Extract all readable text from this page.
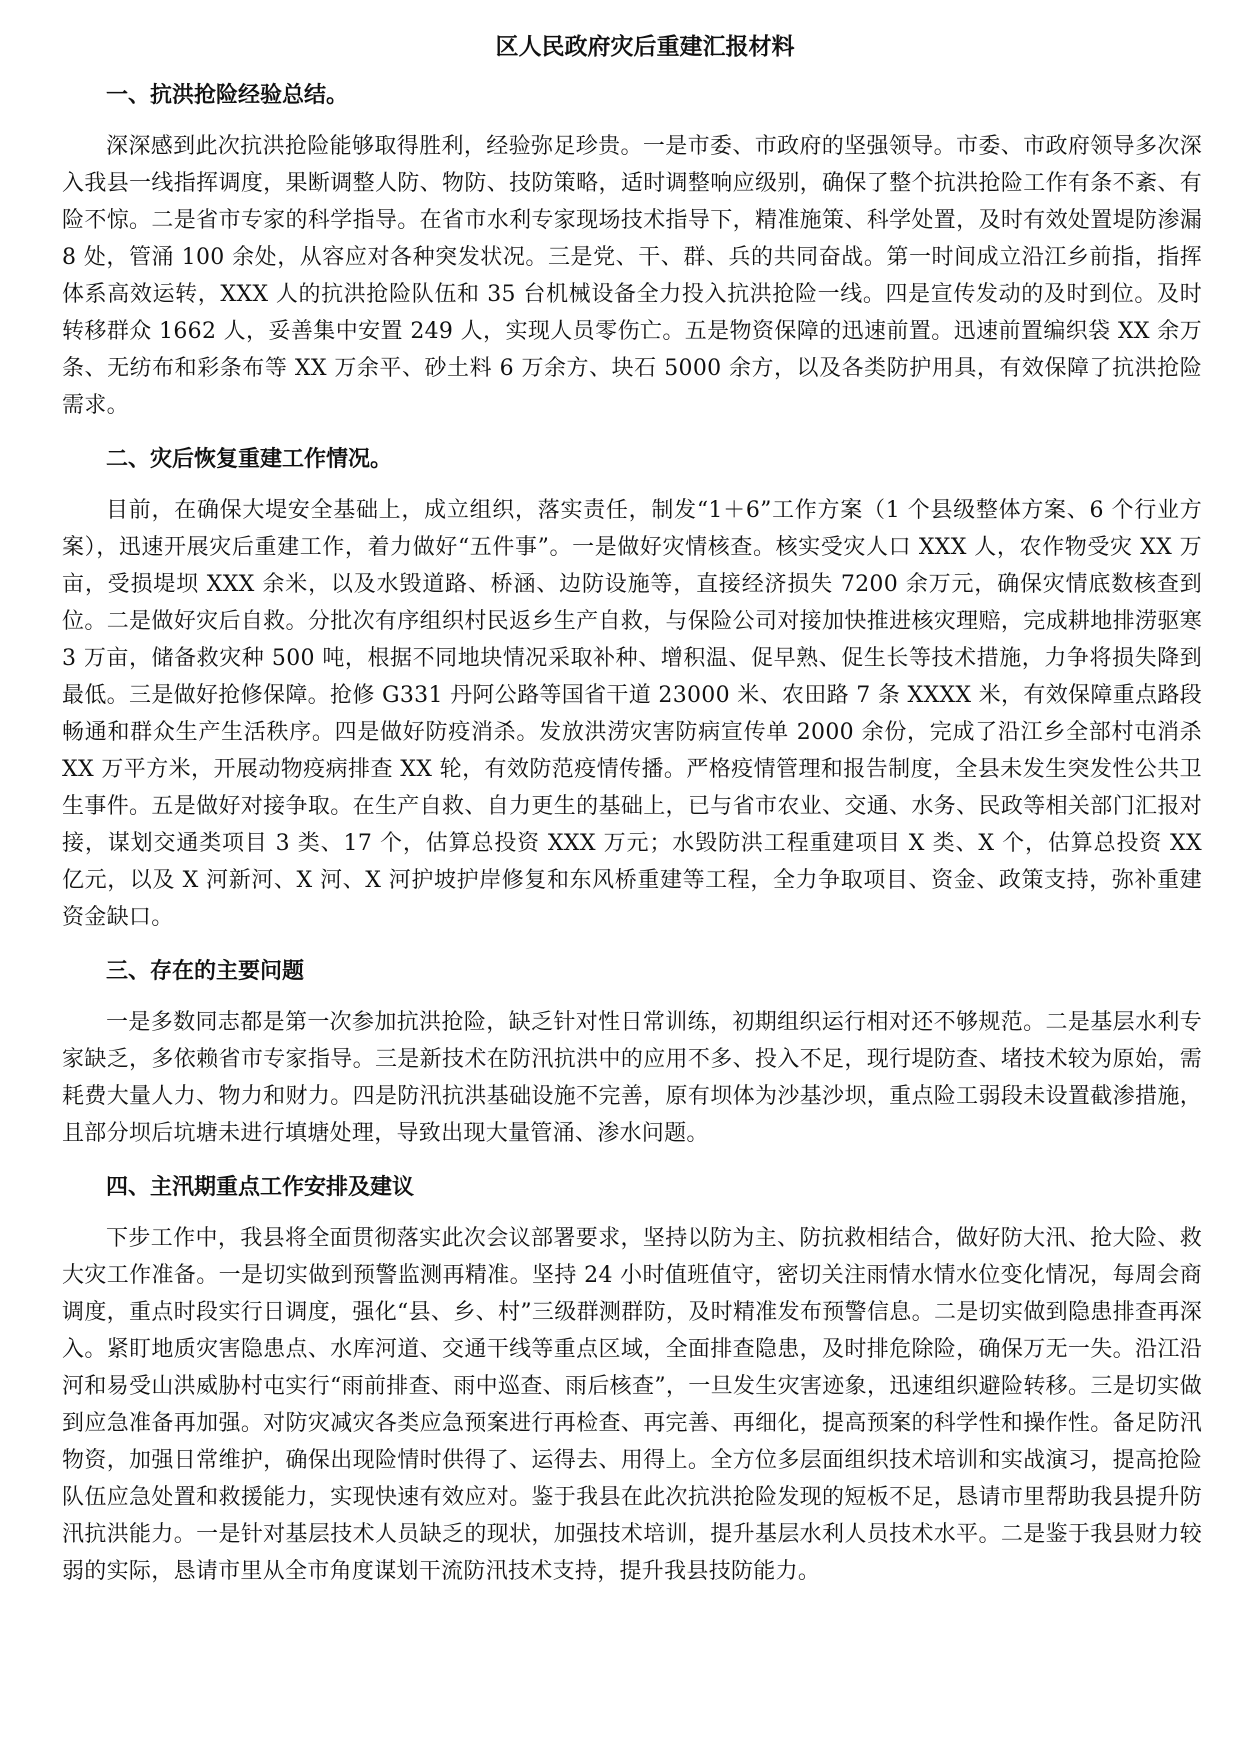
区人民政府灾后重建汇报材料
一、抗洪抢险经验总结。

深深感到此次抗洪抢险能够取得胜利，经验弥足珍贵。一是市委、市政府的坚强领导。市委、市政府领导多次深入我县一线指挥调度，果断调整人防、物防、技防策略，适时调整响应级别，确保了整个抗洪抢险工作有条不紊、有险不惊。二是省市专家的科学指导。在省市水利专家现场技术指导下，精准施策、科学处置，及时有效处置堤防渗漏 8 处，管涌 100 余处，从容应对各种突发状况。三是党、干、群、兵的共同奋战。第一时间成立沿江乡前指，指挥体系高效运转，XXX 人的抗洪抢险队伍和 35 台机械设备全力投入抗洪抢险一线。四是宣传发动的及时到位。及时转移群众 1662 人，妥善集中安置 249 人，实现人员零伤亡。五是物资保障的迅速前置。迅速前置编织袋 XX 余万条、无纺布和彩条布等 XX 万余平、砂土料 6 万余方、块石 5000 余方，以及各类防护用具，有效保障了抗洪抢险需求。

二、灾后恢复重建工作情况。

目前，在确保大堤安全基础上，成立组织，落实责任，制发“1＋6”工作方案（1 个县级整体方案、6 个行业方案），迅速开展灾后重建工作，着力做好“五件事”。一是做好灾情核查。核实受灾人口 XXX 人，农作物受灾 XX 万亩，受损堤坝 XXX 余米，以及水毁道路、桥涵、边防设施等，直接经济损失 7200 余万元，确保灾情底数核查到位。二是做好灾后自救。分批次有序组织村民返乡生产自救，与保险公司对接加快推进核灾理赔，完成耕地排涝驱寒 3 万亩，储备救灾种 500 吨，根据不同地块情况采取补种、增积温、促早熟、促生长等技术措施，力争将损失降到最低。三是做好抢修保障。抢修 G331 丹阿公路等国省干道 23000 米、农田路 7 条 XXXX 米，有效保障重点路段畅通和群众生产生活秩序。四是做好防疫消杀。发放洪涝灾害防病宣传单 2000 余份，完成了沿江乡全部村屯消杀 XX 万平方米，开展动物疫病排查 XX 轮，有效防范疫情传播。严格疫情管理和报告制度，全县未发生突发性公共卫生事件。五是做好对接争取。在生产自救、自力更生的基础上，已与省市农业、交通、水务、民政等相关部门汇报对接，谋划交通类项目 3 类、17 个，估算总投资 XXX 万元；水毁防洪工程重建项目 X 类、X 个，估算总投资 XX 亿元，以及 X 河新河、X 河、X 河护坡护岸修复和东风桥重建等工程，全力争取项目、资金、政策支持，弥补重建资金缺口。

三、存在的主要问题

一是多数同志都是第一次参加抗洪抢险，缺乏针对性日常训练，初期组织运行相对还不够规范。二是基层水利专家缺乏，多依赖省市专家指导。三是新技术在防汛抗洪中的应用不多、投入不足，现行堤防查、堵技术较为原始，需耗费大量人力、物力和财力。四是防汛抗洪基础设施不完善，原有坝体为沙基沙坝，重点险工弱段未设置截渗措施，且部分坝后坑塘未进行填塘处理，导致出现大量管涌、渗水问题。

四、主汛期重点工作安排及建议

下步工作中，我县将全面贯彻落实此次会议部署要求，坚持以防为主、防抗救相结合，做好防大汛、抢大险、救大灾工作准备。一是切实做到预警监测再精准。坚持 24 小时值班值守，密切关注雨情水情水位变化情况，每周会商调度，重点时段实行日调度，强化“县、乡、村”三级群测群防，及时精准发布预警信息。二是切实做到隐患排查再深入。紧盯地质灾害隐患点、水库河道、交通干线等重点区域，全面排查隐患，及时排危除险，确保万无一失。沿江沿河和易受山洪威胁村屯实行“雨前排查、雨中巡查、雨后核查”，一旦发生灾害迹象，迅速组织避险转移。三是切实做到应急准备再加强。对防灾减灾各类应急预案进行再检查、再完善、再细化，提高预案的科学性和操作性。备足防汛物资，加强日常维护，确保出现险情时供得了、运得去、用得上。全方位多层面组织技术培训和实战演习，提高抢险队伍应急处置和救援能力，实现快速有效应对。鉴于我县在此次抗洪抢险发现的短板不足，恳请市里帮助我县提升防汛抗洪能力。一是针对基层技术人员缺乏的现状，加强技术培训，提升基层水利人员技术水平。二是鉴于我县财力较弱的实际，恳请市里从全市角度谋划干流防汛技术支持，提升我县技防能力。
